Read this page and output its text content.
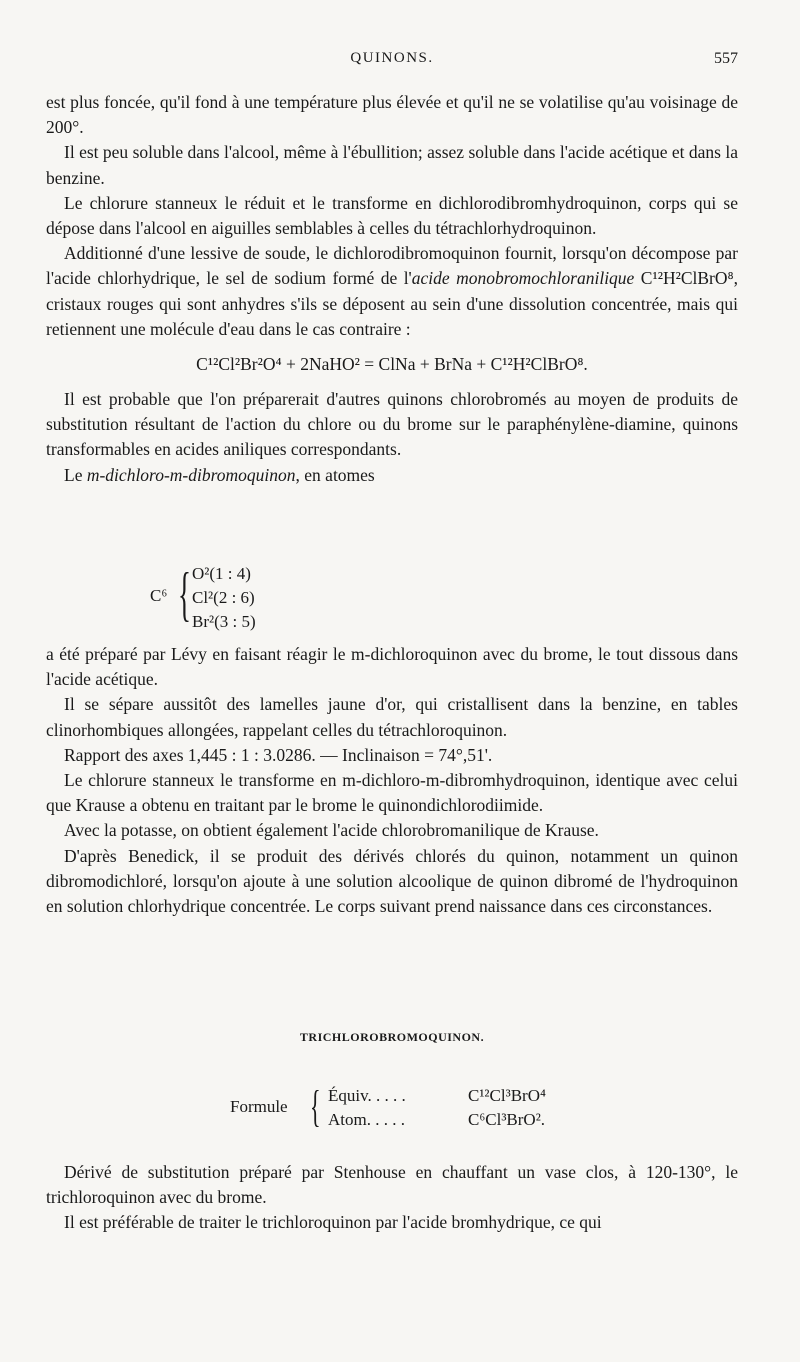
QUINONS.	557

est plus foncée, qu'il fond à une température plus élevée et qu'il ne se volatilise qu'au voisinage de 200°.

Il est peu soluble dans l'alcool, même à l'ébullition; assez soluble dans l'acide acétique et dans la benzine.

Le chlorure stanneux le réduit et le transforme en dichlorodibromhydroquinon, corps qui se dépose dans l'alcool en aiguilles semblables à celles du tétrachlorhydroquinon.

Additionné d'une lessive de soude, le dichlorodibromoquinon fournit, lorsqu'on décompose par l'acide chlorhydrique, le sel de sodium formé de l'acide monobromochloranilique C¹²H²ClBrO⁸, cristaux rouges qui sont anhydres s'ils se déposent au sein d'une dissolution concentrée, mais qui retiennent une molécule d'eau dans le cas contraire :

C¹²Cl²Br²O⁴ + 2NaHO² = ClNa + BrNa + C¹²H²ClBrO⁸.

Il est probable que l'on préparerait d'autres quinons chlorobromés au moyen de produits de substitution résultant de l'action du chlore ou du brome sur le paraphénylène-diamine, quinons transformables en acides aniliques correspondants.

Le m-dichloro-m-dibromoquinon, en atomes

C⁶ { O²(1 : 4)
Cl²(2 : 6)
Br²(3 : 5)

a été préparé par Lévy en faisant réagir le m-dichloroquinon avec du brome, le tout dissous dans l'acide acétique.

Il se sépare aussitôt des lamelles jaune d'or, qui cristallisent dans la benzine, en tables clinorhombiques allongées, rappelant celles du tétrachloroquinon.

Rapport des axes 1,445 : 1 : 3.0286. — Inclinaison = 74°,51'.

Le chlorure stanneux le transforme en m-dichloro-m-dibromhydroquinon, identique avec celui que Krause a obtenu en traitant par le brome le quinondichlorodiimide.

Avec la potasse, on obtient également l'acide chlorobromanilique de Krause.

D'après Benedick, il se produit des dérivés chlorés du quinon, notamment un quinon dibromodichloré, lorsqu'on ajoute à une solution alcoolique de quinon dibromé de l'hydroquinon en solution chlorhydrique concentrée. Le corps suivant prend naissance dans ces circonstances.

TRICHLOROBROMOQUINON.
Formule { Équiv. . . . .	C¹²Cl³BrO⁴
Atom. . . . .	C⁶Cl³BrO².

Dérivé de substitution préparé par Stenhouse en chauffant un vase clos, à 120-130°, le trichloroquinon avec du brome.

Il est préférable de traiter le trichloroquinon par l'acide bromhydrique, ce qui
